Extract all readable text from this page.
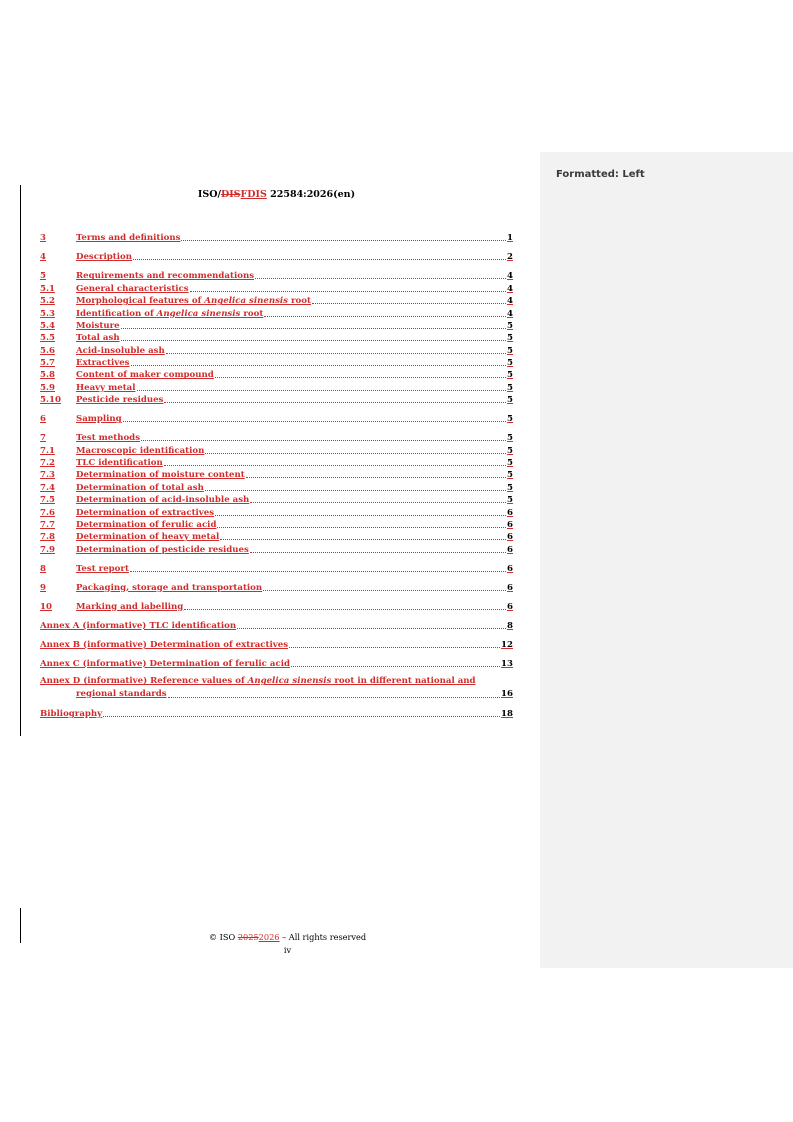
Formatted: Left
ISO/DISFDIS 22584:2026(en)
3	Terms and definitions	1
4	Description	2
5	Requirements and recommendations	4
5.1	General characteristics	4
5.2	Morphological features of Angelica sinensis root	4
5.3	Identification of Angelica sinensis root	4
5.4	Moisture	5
5.5	Total ash	5
5.6	Acid-insoluble ash	5
5.7	Extractives	5
5.8	Content of maker compound	5
5.9	Heavy metal	5
5.10	Pesticide residues	5
6	Sampling	5
7	Test methods	5
7.1	Macroscopic identification	5
7.2	TLC identification	5
7.3	Determination of moisture content	5
7.4	Determination of total ash	5
7.5	Determination of acid-insoluble ash	5
7.6	Determination of extractives	6
7.7	Determination of ferulic acid	6
7.8	Determination of heavy metal	6
7.9	Determination of pesticide residues	6
8	Test report	6
9	Packaging, storage and transportation	6
10	Marking and labelling	6
Annex A (informative) TLC identification	8
Annex B (informative) Determination of extractives	12
Annex C (informative) Determination of ferulic acid	13
Annex D (informative) Reference values of Angelica sinensis root in different national and
regional standards	16
Bibliography	18
© ISO 20252026 – All rights reserved
iv
